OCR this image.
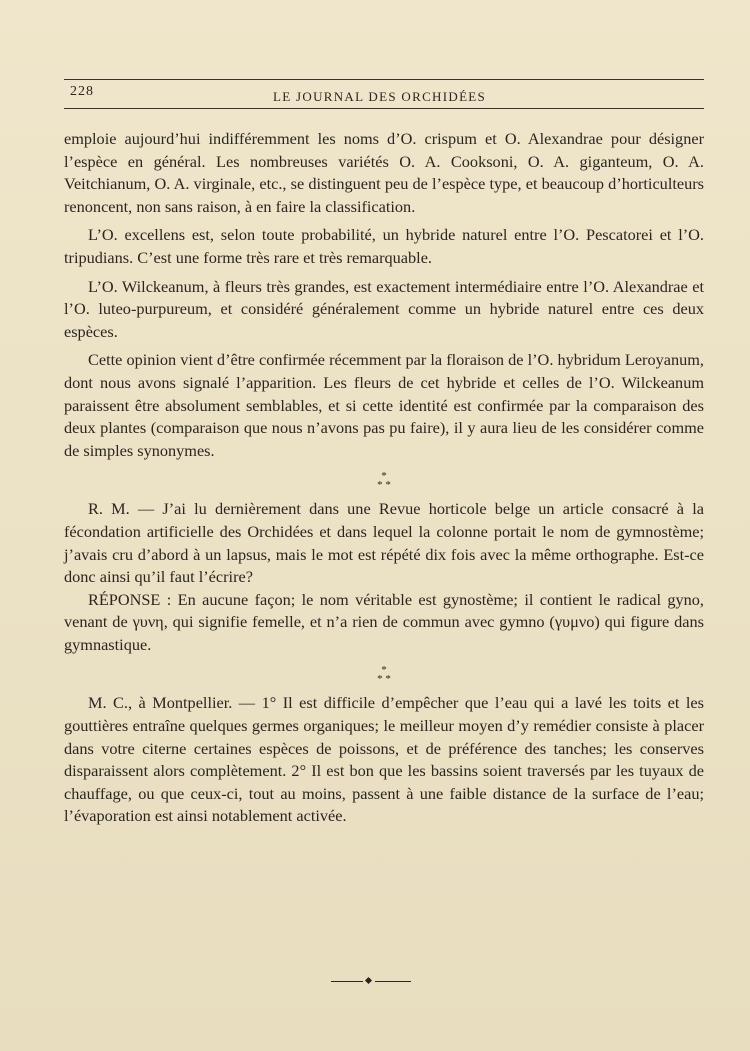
228	LE JOURNAL DES ORCHIDÉES

emploie aujourd’hui indifféremment les noms d’O. crispum et O. Alexandrae pour désigner l’espèce en général. Les nombreuses variétés O. A. Cooksoni, O. A. giganteum, O. A. Veitchianum, O. A. virginale, etc., se distinguent peu de l’espèce type, et beaucoup d’horticulteurs renoncent, non sans raison, à en faire la classification.

L’O. excellens est, selon toute probabilité, un hybride naturel entre l’O. Pescatorei et l’O. tripudians. C’est une forme très rare et très remarquable.

L’O. Wilckeanum, à fleurs très grandes, est exactement intermédiaire entre l’O. Alexandrae et l’O. luteo-purpureum, et considéré généralement comme un hybride naturel entre ces deux espèces.

Cette opinion vient d’être confirmée récemment par la floraison de l’O. hybridum Leroyanum, dont nous avons signalé l’apparition. Les fleurs de cet hybride et celles de l’O. Wilckeanum paraissent être absolument semblables, et si cette identité est confirmée par la comparaison des deux plantes (comparaison que nous n’avons pas pu faire), il y aura lieu de les considérer comme de simples synonymes.

*
* *

R. M. — J’ai lu dernièrement dans une Revue horticole belge un article consacré à la fécondation artificielle des Orchidées et dans lequel la colonne portait le nom de gymnostème; j’avais cru d’abord à un lapsus, mais le mot est répété dix fois avec la même orthographe. Est-ce donc ainsi qu’il faut l’écrire?

RÉPONSE : En aucune façon; le nom véritable est gynostème; il contient le radical gyno, venant de γυνη, qui signifie femelle, et n’a rien de commun avec gymno (γυμνο) qui figure dans gymnastique.

*
* *

M. C., à Montpellier. — 1° Il est difficile d’empêcher que l’eau qui a lavé les toits et les gouttières entraîne quelques germes organiques; le meilleur moyen d’y remédier consiste à placer dans votre citerne certaines espèces de poissons, et de préférence des tanches; les conserves disparaissent alors complètement. 2° Il est bon que les bassins soient traversés par les tuyaux de chauffage, ou que ceux-ci, tout au moins, passent à une faible distance de la surface de l’eau; l’évaporation est ainsi notablement activée.
